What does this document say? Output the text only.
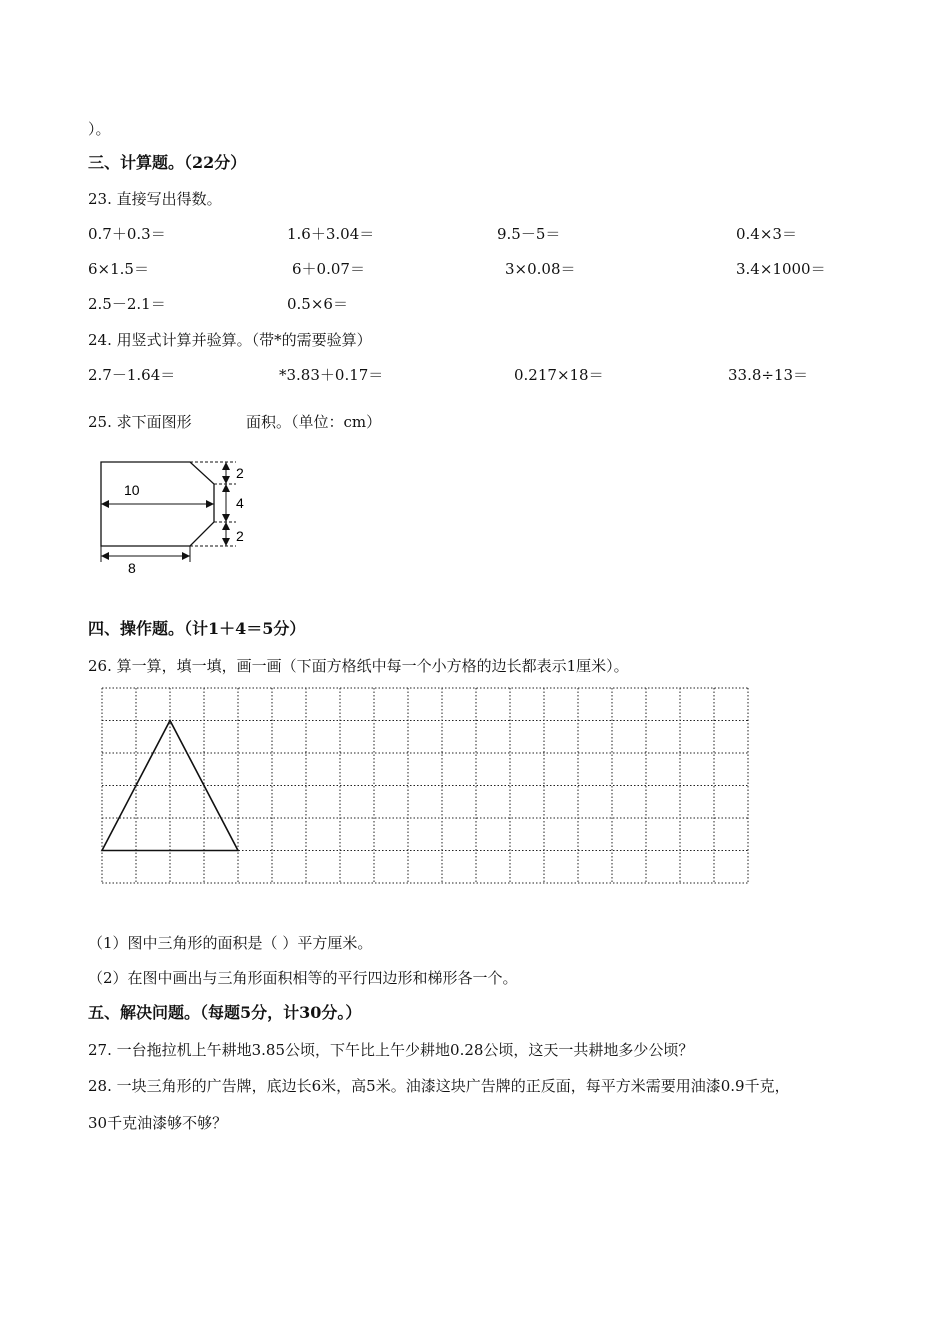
）。
三、计算题。（22分）
23. 直接写出得数。
0.7＋0.3＝	1.6＋3.04＝	9.5－5＝	0.4×3＝
6×1.5＝	6＋0.07＝	3×0.08＝	3.4×1000＝
2.5－2.1＝	0.5×6＝
24. 用竖式计算并验算。（带*的需要验算）
2.7－1.64＝	*3.83＋0.17＝	0.217×18＝	33.8÷13＝
25. 求下面图形	面积。（单位：cm）
10
8
2
4
2
四、操作题。（计1＋4＝5分）
26. 算一算，填一填，画一画（下面方格纸中每一个小方格的边长都表示1厘米）。
（1）图中三角形的面积是（ ）平方厘米。
（2）在图中画出与三角形面积相等的平行四边形和梯形各一个。
五、解决问题。（每题5分，计30分。）
27. 一台拖拉机上午耕地3.85公顷，下午比上午少耕地0.28公顷，这天一共耕地多少公顷？
28. 一块三角形的广告牌，底边长6米，高5米。油漆这块广告牌的正反面，每平方米需要用油漆0.9千克，
30千克油漆够不够？
